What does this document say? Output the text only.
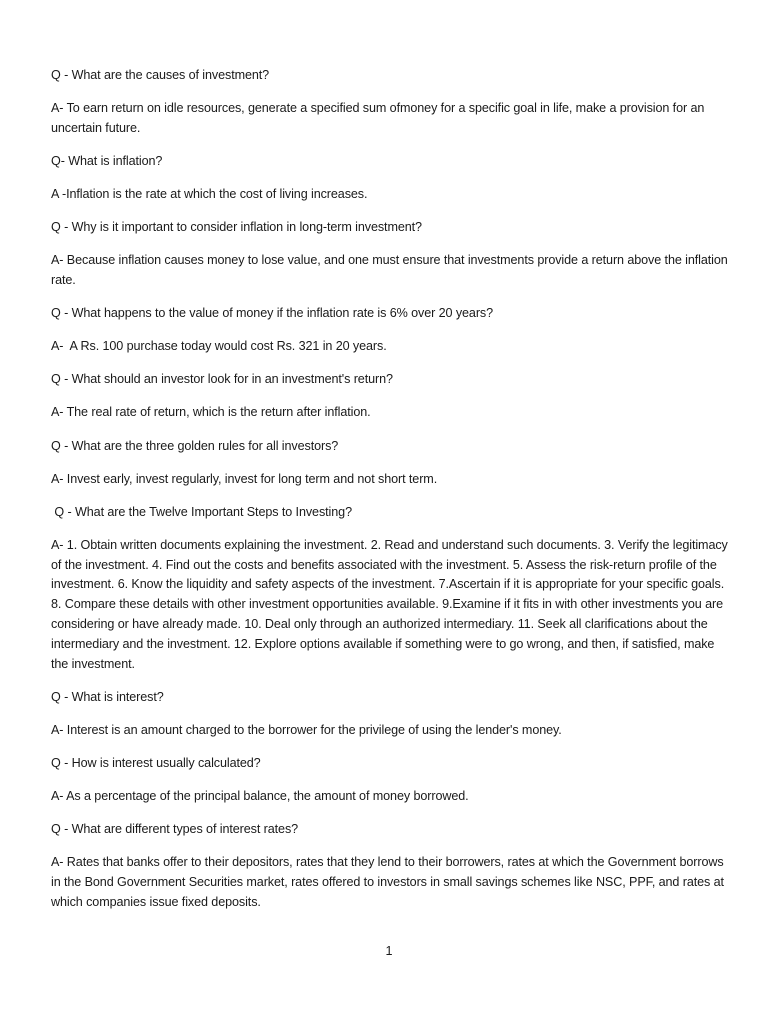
Q - What are the causes of investment?

A- To earn return on idle resources, generate a specified sum ofmoney for a specific goal in life, make a provision for an uncertain future.

Q- What is inflation?

A -Inflation is the rate at which the cost of living increases.

Q - Why is it important to consider inflation in long-term investment?

A- Because inflation causes money to lose value, and one must ensure that investments provide a return above the inflation rate.

Q - What happens to the value of money if the inflation rate is 6% over 20 years?

A-  A Rs. 100 purchase today would cost Rs. 321 in 20 years.

Q - What should an investor look for in an investment's return?

A- The real rate of return, which is the return after inflation.

Q - What are the three golden rules for all investors?

A- Invest early, invest regularly, invest for long term and not short term.

Q - What are the Twelve Important Steps to Investing?

A- 1. Obtain written documents explaining the investment. 2. Read and understand such documents. 3. Verify the legitimacy of the investment. 4. Find out the costs and benefits associated with the investment. 5. Assess the risk-return profile of the investment. 6. Know the liquidity and safety aspects of the investment. 7.Ascertain if it is appropriate for your specific goals. 8. Compare these details with other investment opportunities available. 9.Examine if it fits in with other investments you are considering or have already made. 10. Deal only through an authorized intermediary. 11. Seek all clarifications about the intermediary and the investment. 12. Explore options available if something were to go wrong, and then, if satisfied, make the investment.

Q - What is interest?

A- Interest is an amount charged to the borrower for the privilege of using the lender's money.

Q - How is interest usually calculated?

A- As a percentage of the principal balance, the amount of money borrowed.

Q - What are different types of interest rates?

A- Rates that banks offer to their depositors, rates that they lend to their borrowers, rates at which the Government borrows in the Bond Government Securities market, rates offered to investors in small savings schemes like NSC, PPF, and rates at which companies issue fixed deposits.

1
